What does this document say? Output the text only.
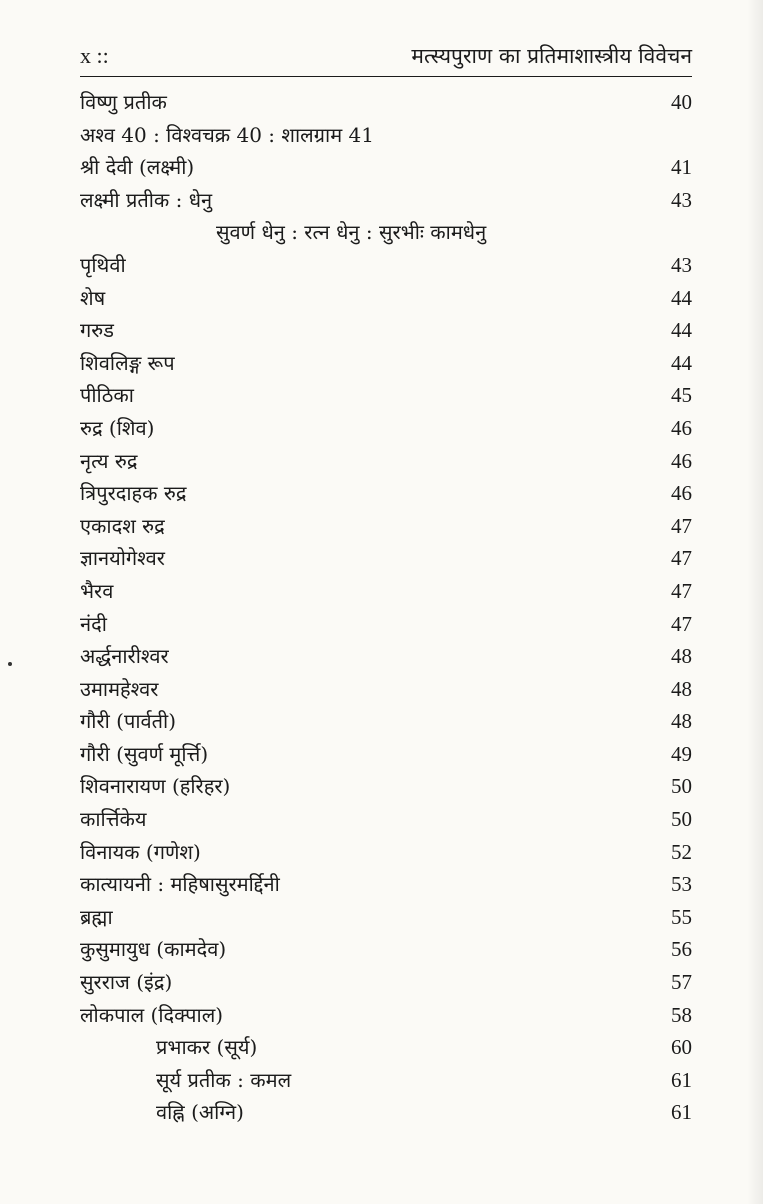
x ::	मत्स्यपुराण का प्रतिमाशास्त्रीय विवेचन
विष्णु प्रतीक	40
अश्व 40 : विश्वचक्र 40 : शालग्राम 41
श्री देवी (लक्ष्मी)	41
लक्ष्मी प्रतीक : धेनु	43
सुवर्ण धेनु : रत्न धेनु : सुरभीः कामधेनु
पृथिवी	43
शेष	44
गरुड	44
शिवलिङ्ग रूप	44
पीठिका	45
रुद्र (शिव)	46
नृत्य रुद्र	46
त्रिपुरदाहक रुद्र	46
एकादश रुद्र	47
ज्ञानयोगेश्वर	47
भैरव	47
नंदी	47
अर्द्धनारीश्वर	48
उमामहेश्वर	48
गौरी (पार्वती)	48
गौरी (सुवर्ण मूर्त्ति)	49
शिवनारायण (हरिहर)	50
कार्त्तिकेय	50
विनायक (गणेश)	52
कात्यायनी : महिषासुरमर्द्दिनी	53
ब्रह्मा	55
कुसुमायुध (कामदेव)	56
सुरराज (इंद्र)	57
लोकपाल (दिक्पाल)	58
प्रभाकर (सूर्य)	60
सूर्य प्रतीक : कमल	61
वह्नि (अग्नि)	61
